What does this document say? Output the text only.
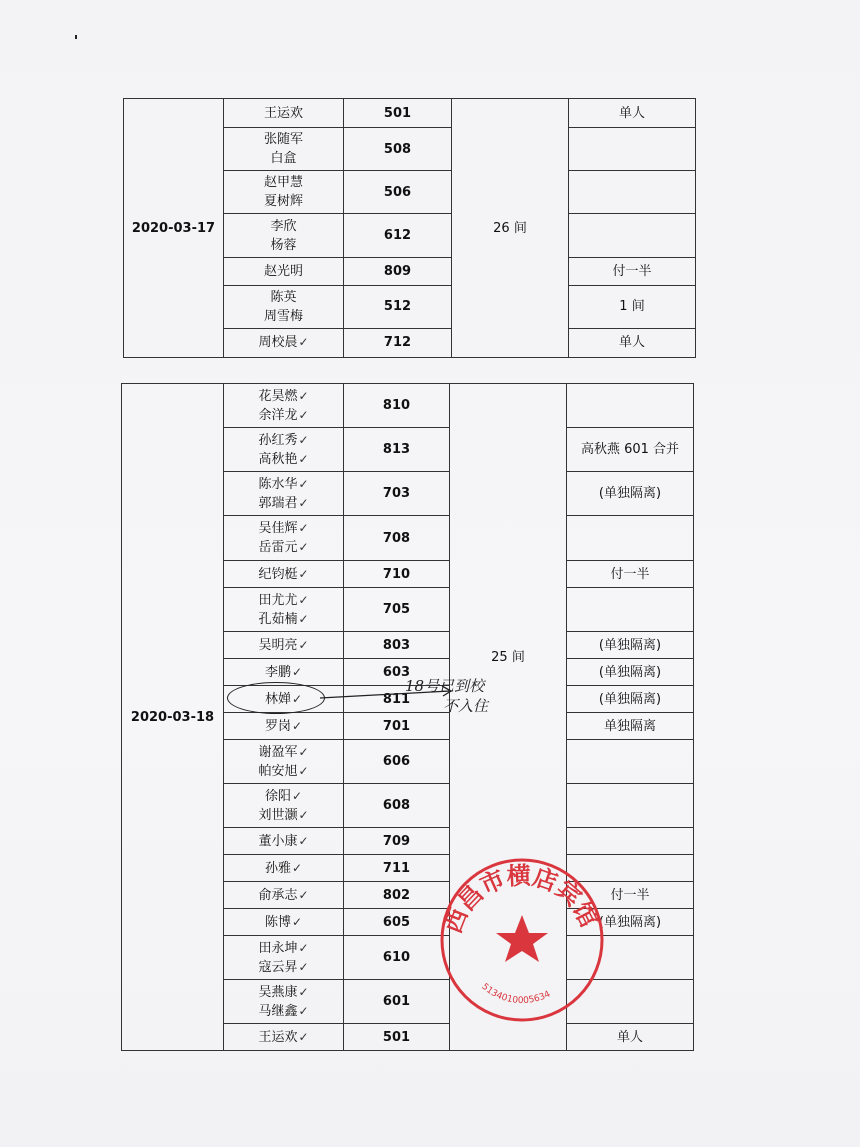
2020-03-17	王运欢	501	26 间	单人

	张随军
白盒	508		

	赵甲慧
夏树辉	506		

	李欣
杨蓉	612		

	赵光明	809		付一半

	陈英
周雪梅	512		1 间

	周校晨✓	712		单人
2020-03-18	花昊燃✓
余洋龙✓	810	25 间	

	孙红秀✓
高秋艳✓	813		高秋燕 601 合并

	陈水华✓
郭瑞君✓	703		(单独隔离)

	吴佳辉✓
岳雷元✓	708		

	纪钧梃✓	710		付一半

	田尤尤✓
孔茹楠✓	705		

	吴明亮✓	803		(单独隔离)

	李鹏✓	603		(单独隔离)

	林婵✓	811		(单独隔离)

	罗岗✓	701		单独隔离

	谢盈军✓
帕安旭✓	606		

	徐阳✓
刘世灏✓	608		

	董小康✓	709		

	孙雅✓	711		

	俞承志✓	802		付一半

	陈博✓	605		(单独隔离)

	田永坤✓
寇云昇✓	610		

	吴燕康✓
马继鑫✓	601		

	王运欢✓	501		单人
18号已到校
不入住
西昌市横店宾馆
5134010005634
